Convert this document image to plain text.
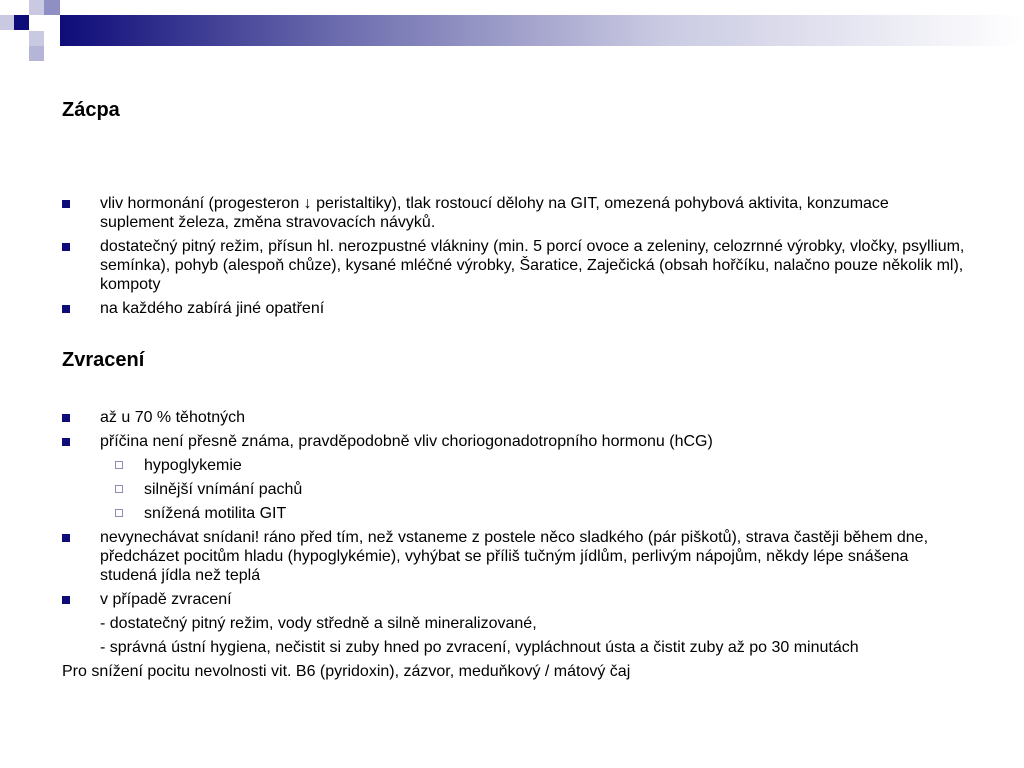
Zácpa
vliv hormonání (progesteron ↓ peristaltiky), tlak rostoucí dělohy na GIT, omezená pohybová aktivita, konzumace suplement železa, změna stravovacích návyků.
dostatečný pitný režim, přísun hl. nerozpustné vlákniny (min. 5 porcí ovoce a zeleniny, celozrnné výrobky, vločky, psyllium, semínka), pohyb (alespoň chůze), kysané mléčné výrobky, Šaratice, Zaječická (obsah hořčíku, nalačno pouze několik ml), kompoty
na každého zabírá jiné opatření
Zvracení
až u 70 % těhotných
příčina není přesně známa, pravděpodobně vliv choriogonadotropního hormonu (hCG)
hypoglykemie
silnější vnímání pachů
snížená motilita GIT
nevynechávat snídani! ráno před tím, než vstaneme z postele něco sladkého (pár piškotů), strava častěji během dne, předcházet pocitům hladu (hypoglykémie), vyhýbat se příliš tučným jídlům, perlivým nápojům, někdy lépe snášena studená jídla než teplá
v případě zvracení
- dostatečný pitný režim, vody středně a silně mineralizované,
- správná ústní hygiena, nečistit si zuby hned po zvracení, vypláchnout ústa a čistit zuby až po 30 minutách
Pro snížení pocitu nevolnosti vit. B6 (pyridoxin), zázvor, meduňkový / mátový čaj
